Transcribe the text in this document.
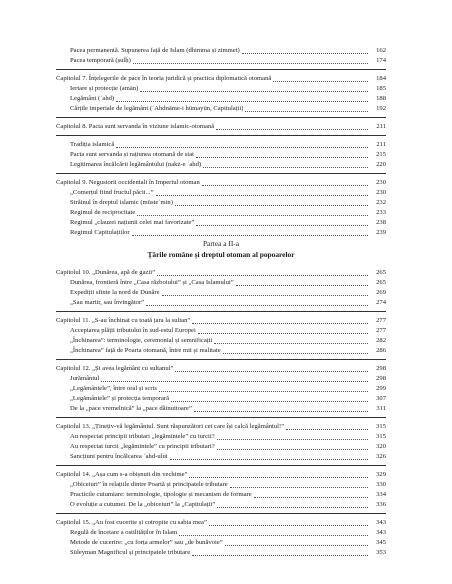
Partea a II-a
Țările române și dreptul otoman al popoarelor
Pacea permanentă. Supunerea față de Islam (dhimma și zimmet)	162
Pacea temporară (ṣulḥ)	174
Capitolul 7. Înțelegerile de pace în teoria juridică și practica diplomatică otomană	184
Iertare și protecție (amān)	185
Legământ (ʿahd)	188
Cărțile imperiale de legământ (ʿAhdnāme-i hümayūn, Capitulații)	192
Capitolul 8. Pacta sunt servanda în viziune islamic-otomană	211
Tradiția islamică	211
Pacta sunt servanda și rațiunea otomană de stat	215
Legitimarea încălcării legământului (nakż-e ʿahd)	220
Capitolul 9. Negustorii occidentali în Imperiul otoman	230
„Comerțul fiind fructul păcii...”	230
Străinul în dreptul islamic (müsteʾmin)	232
Regimul de reciprocitate	233
Regimul „clauzei națiunii celei mai favorizate”	238
Regimul Capitulațiilor	239
Capitolul 10. „Dunărea, apă de gazii”	265
Dunărea, frontieră între „Casa războiului” și „Casa Islamului”	265
Expediții sfinte la nord de Dunăre	269
„Sau martir, sau învingător”	274
Capitolul 11. „S-au închinat cu toată țara la sultan”	277
Acceptarea plății tributului în sud-estul Europei	277
„Închinarea”: terminologie, ceremonial și semnificații	282
„Închinarea” față de Poarta otomană, între mit și realitate	286
Capitolul 12. „Și avea legământ cu sultanul”	298
Jurământul	298
„Legământele”, între oral și scris	299
„Legământele” și protecția temporară	307
De la „pace vremelnică” la „pace dăinuitoare”	311
Capitolul 13. „Ținețiv-vă legământul. Sunt răspunzători cei care își calcă legământul!”	315
Au respectat principii tributari „legămintele” cu turcii?	315
Au respectat turcii „legămintele” cu principii tributari?	320
Sancțiuni pentru încălcarea ʿahd-ului	326
Capitolul 14. „Așa cum s-a obișnuit din vechime”	329
„Obiceiuri” în relațiile dintre Poartă și principatele tributare	330
Practicile cutumiare: terminologie, tipologie și mecanism de formare	334
O evoluție a cutumei. De la „obiceiuri” la „Capitulații”	336
Capitolul 15. „Au fost cucerite și cotropite cu sabia mea”	343
Regulă de încetare a ostilităților în Islam	343
Metode de cucerire: „cu forța armelor” sau „de bunăvoie”	345
Süleyman Magnificul și principatele tributare	353
